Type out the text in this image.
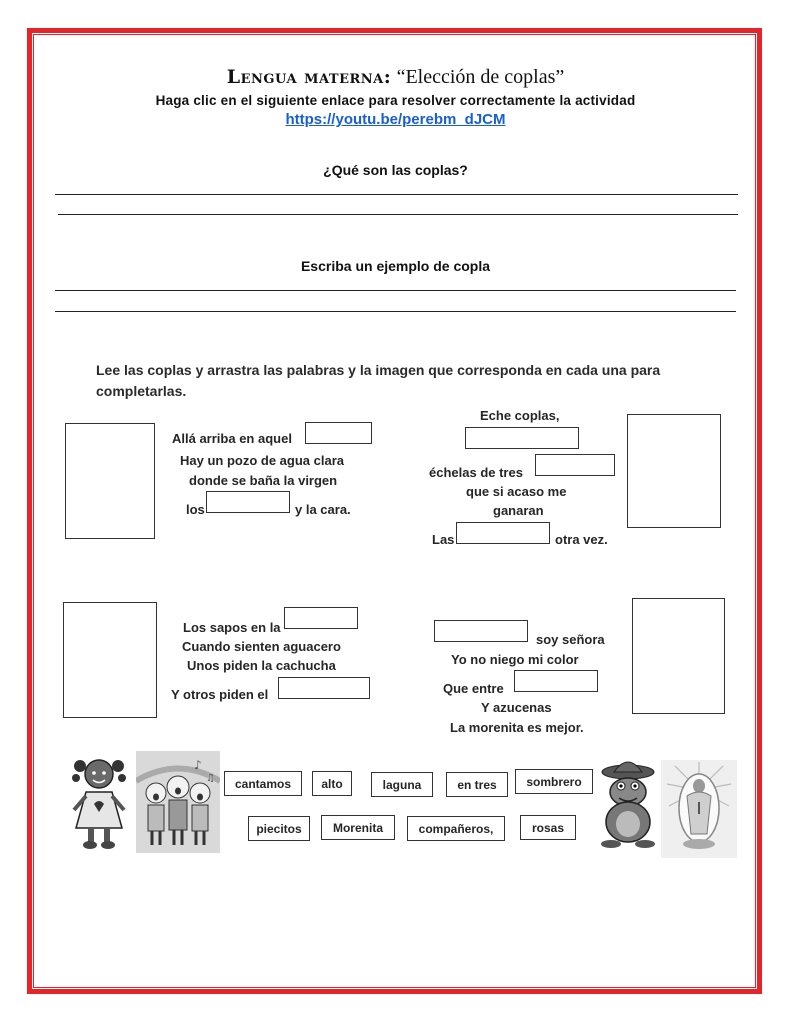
Lengua materna: “Elección de coplas”
Haga clic en el siguiente enlace para resolver correctamente la actividad
https://youtu.be/perebm_dJCM
¿Qué son las coplas?
Escriba un ejemplo de copla
Lee las coplas y arrastra las palabras y la imagen que corresponda en cada una para completarlas.
Allá arriba en aquel
Hay un pozo de agua clara
donde se baña la virgen
los	y la cara.
Eche coplas,
échelas de tres
que si acaso me
ganaran
Las	otra vez.
Los sapos en la
Cuando sienten aguacero
Unos piden la cachucha
Y otros piden el
soy señora
Yo no niego mi color
Que entre
Y azucenas
La morenita es mejor.
cantamos	alto	laguna	en tres	sombrero
piecitos	Morenita	compañeros,	rosas
♪
♫
